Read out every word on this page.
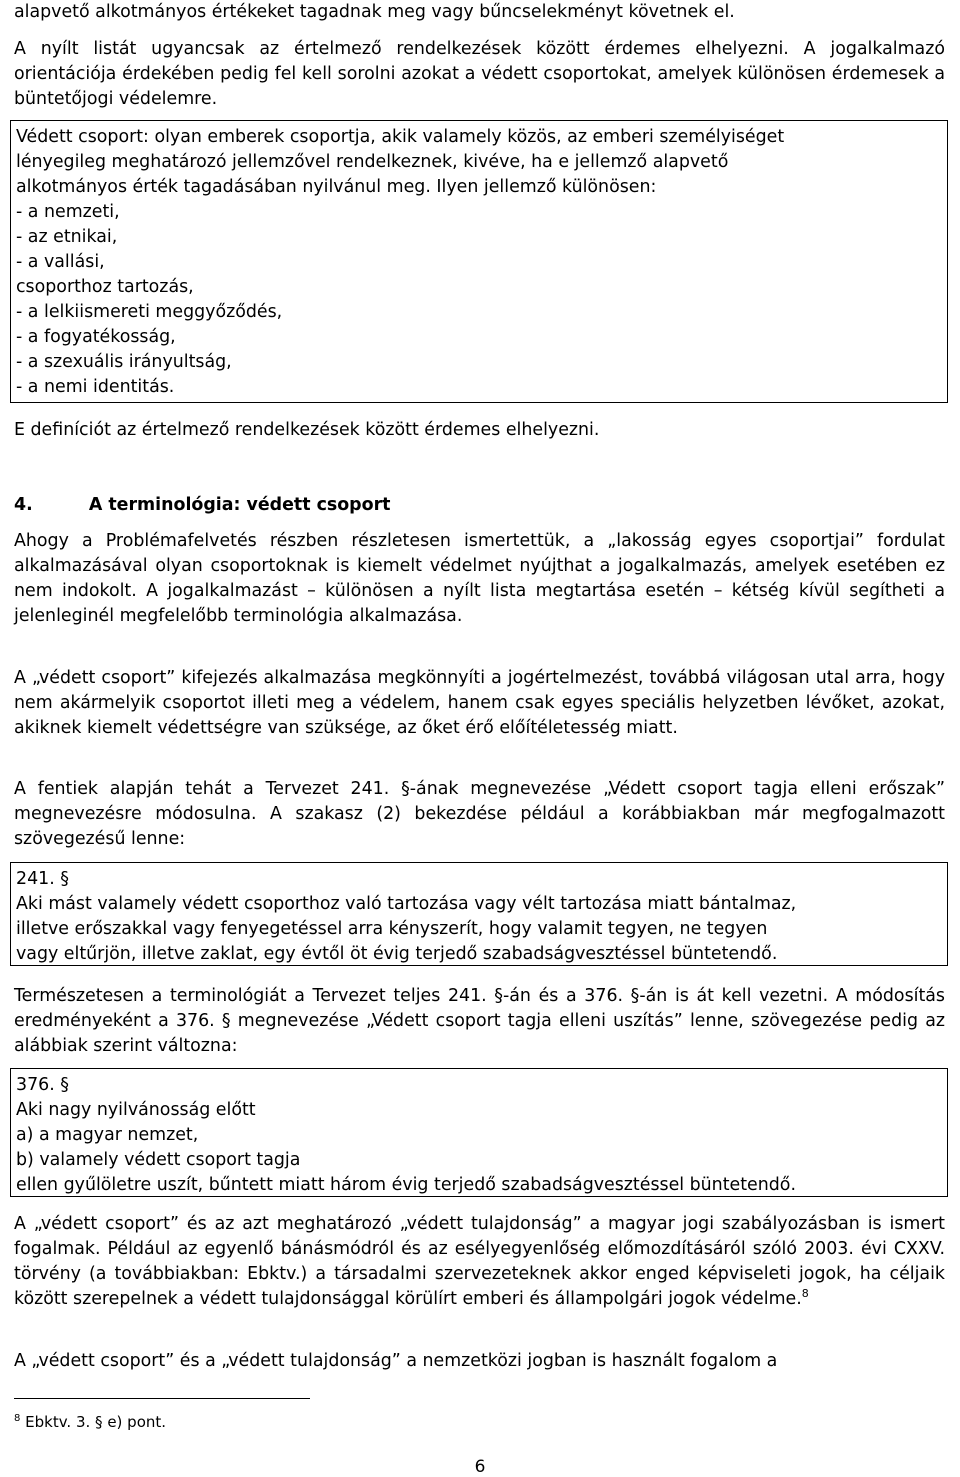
alapvető alkotmányos értékeket tagadnak meg vagy bűncselekményt követnek el.

A nyílt listát ugyancsak az értelmező rendelkezések között érdemes elhelyezni. A jogalkalmazó orientációja érdekében pedig fel kell sorolni azokat a védett csoportokat, amelyek különösen érdemesek a büntetőjogi védelemre.

Védett csoport: olyan emberek csoportja, akik valamely közös, az emberi személyiséget

lényegileg meghatározó jellemzővel rendelkeznek, kivéve, ha e jellemző alapvető

alkotmányos érték tagadásában nyilvánul meg. Ilyen jellemző különösen:

- a nemzeti,

- az etnikai,

- a vallási,

csoporthoz tartozás,

- a lelkiismereti meggyőződés,

- a fogyatékosság,

- a szexuális irányultság,

- a nemi identitás.

E definíciót az értelmező rendelkezések között érdemes elhelyezni.

4.	A terminológia: védett csoport

Ahogy a Problémafelvetés részben részletesen ismertettük, a „lakosság egyes csoportjai” fordulat alkalmazásával olyan csoportoknak is kiemelt védelmet nyújthat a jogalkalmazás, amelyek esetében ez nem indokolt. A jogalkalmazást – különösen a nyílt lista megtartása esetén – kétség kívül segítheti a jelenleginél megfelelőbb terminológia alkalmazása.

A „védett csoport” kifejezés alkalmazása megkönnyíti a jogértelmezést, továbbá világosan utal arra, hogy nem akármelyik csoportot illeti meg a védelem, hanem csak egyes speciális helyzetben lévőket, azokat, akiknek kiemelt védettségre van szüksége, az őket érő előítéletesség miatt.

A fentiek alapján tehát a Tervezet 241. §-ának megnevezése „Védett csoport tagja elleni erőszak” megnevezésre módosulna. A szakasz (2) bekezdése például a korábbiakban már megfogalmazott szövegezésű lenne:

241. §

Aki mást valamely védett csoporthoz való tartozása vagy vélt tartozása miatt bántalmaz,

illetve erőszakkal vagy fenyegetéssel arra kényszerít, hogy valamit tegyen, ne tegyen

vagy eltűrjön, illetve zaklat, egy évtől öt évig terjedő szabadságvesztéssel büntetendő.

Természetesen a terminológiát a Tervezet teljes 241. §-án és a 376. §-án is át kell vezetni. A módosítás eredményeként a 376. § megnevezése „Védett csoport tagja elleni uszítás” lenne, szövegezése pedig az alábbiak szerint változna:

376. §

Aki nagy nyilvánosság előtt

a) a magyar nemzet,

b) valamely védett csoport tagja

ellen gyűlöletre uszít, bűntett miatt három évig terjedő szabadságvesztéssel büntetendő.

A „védett csoport” és az azt meghatározó „védett tulajdonság” a magyar jogi szabályozásban is ismert fogalmak. Például az egyenlő bánásmódról és az esélyegyenlőség előmozdításáról szóló 2003. évi CXXV. törvény (a továbbiakban: Ebktv.) a társadalmi szervezeteknek akkor enged képviseleti jogok, ha céljaik között szerepelnek a védett tulajdonsággal körülírt emberi és állampolgári jogok védelme.$^8$

A „védett csoport” és a „védett tulajdonság” a nemzetközi jogban is használt fogalom a

$^8$ Ebktv. 3. § e) pont.
6
